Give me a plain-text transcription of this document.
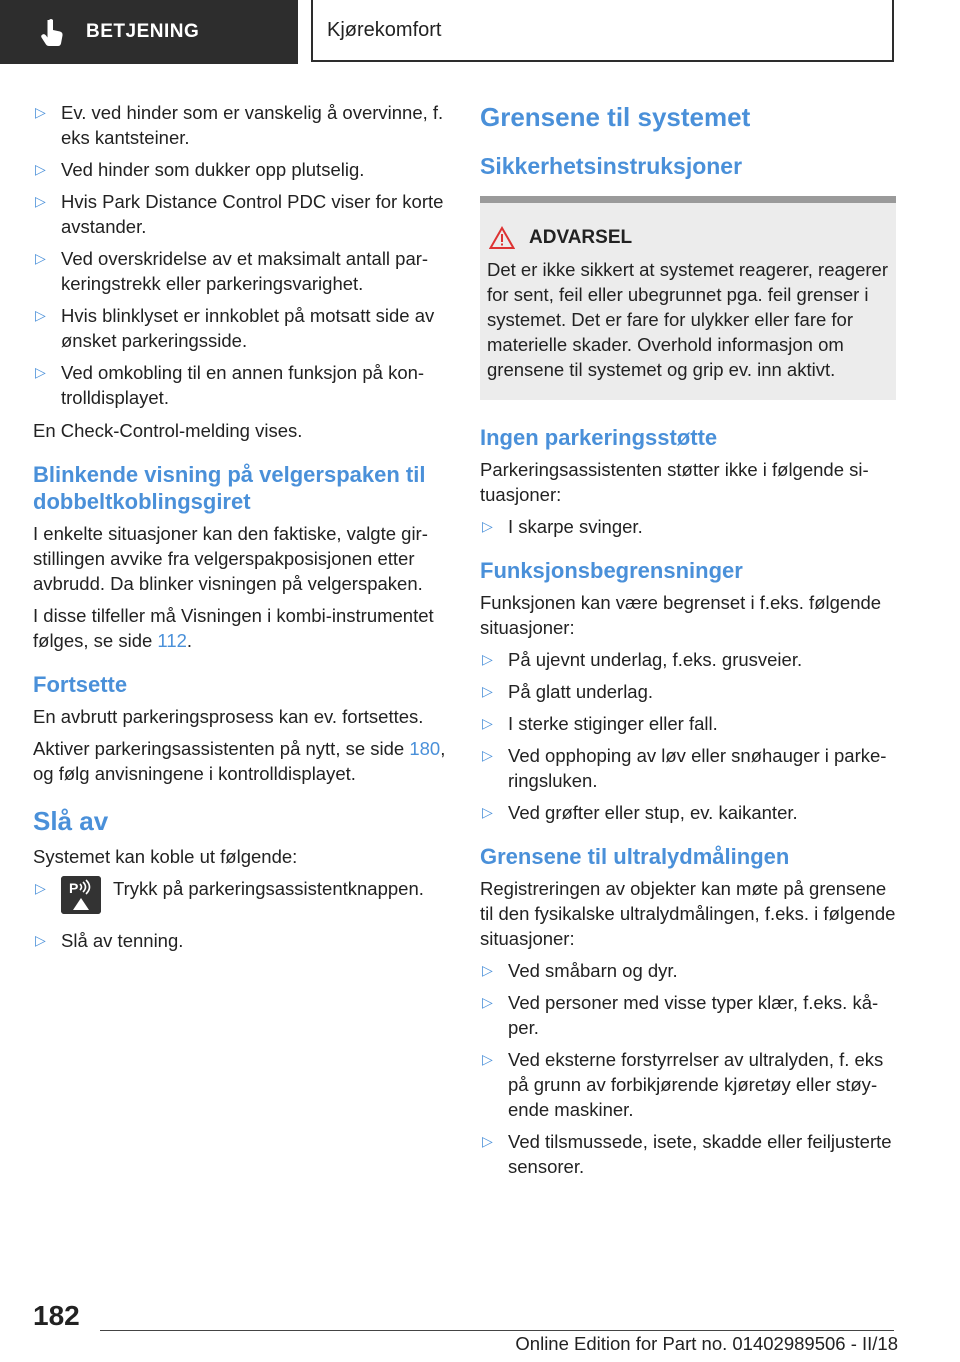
BETJENING	Kjørekomfort
▷ Ev. ved hinder som er vanskelig å overvinne, f. eks kantsteiner.
▷ Ved hinder som dukker opp plutselig.
▷ Hvis Park Distance Control PDC viser for korte avstander.
▷ Ved overskridelse av et maksimalt antall parkeringstrekk eller parkeringsvarighet.
▷ Hvis blinklyset er innkoblet på motsatt side av ønsket parkeringsside.
▷ Ved omkobling til en annen funksjon på kontrolldisplayet.

En Check-Control-melding vises.

Blinkende visning på velgerspaken til dobbeltkoblingsgiret

I enkelte situasjoner kan den faktiske, valgte girstillingen avvike fra velgerspakposisjonen etter avbrudd. Da blinker visningen på velgerspaken.

I disse tilfeller må Visningen i kombi-instrumentet følges, se side 112.

Fortsette

En avbrutt parkeringsprosess kan ev. fortsettes.

Aktiver parkeringsassistenten på nytt, se side 180, og følg anvisningene i kontrolldisplayet.

Slå av

Systemet kan koble ut følgende:

▷ P Trykk på parkeringsassistentknappen.
▷ Slå av tenning.
Grensene til systemet
Sikkerhetsinstruksjoner
ADVARSEL
Det er ikke sikkert at systemet reagerer, reagerer for sent, feil eller ubegrunnet pga. feil grenser i systemet. Det er fare for ulykker eller fare for materielle skader. Overhold informasjon om grensene til systemet og grip ev. inn aktivt.
Ingen parkeringsstøtte

Parkeringsassistenten støtter ikke i følgende situasjoner:

▷ I skarpe svinger.
Funksjonsbegrensninger

Funksjonen kan være begrenset i f.eks. følgende situasjoner:

▷ På ujevnt underlag, f.eks. grusveier.
▷ På glatt underlag.
▷ I sterke stiginger eller fall.
▷ Ved opphoping av løv eller snøhauger i parkeringsluken.
▷ Ved grøfter eller stup, ev. kaikanter.
Grensene til ultralydmålingen

Registreringen av objekter kan møte på grensene til den fysikalske ultralydmålingen, f.eks. i følgende situasjoner:

▷ Ved småbarn og dyr.
▷ Ved personer med visse typer klær, f.eks. kåper.
▷ Ved eksterne forstyrrelser av ultralyden, f. eks på grunn av forbikjørende kjøretøy eller støyende maskiner.
▷ Ved tilsmussede, isete, skadde eller feiljusterte sensorer.
182
Online Edition for Part no. 01402989506 - II/18
